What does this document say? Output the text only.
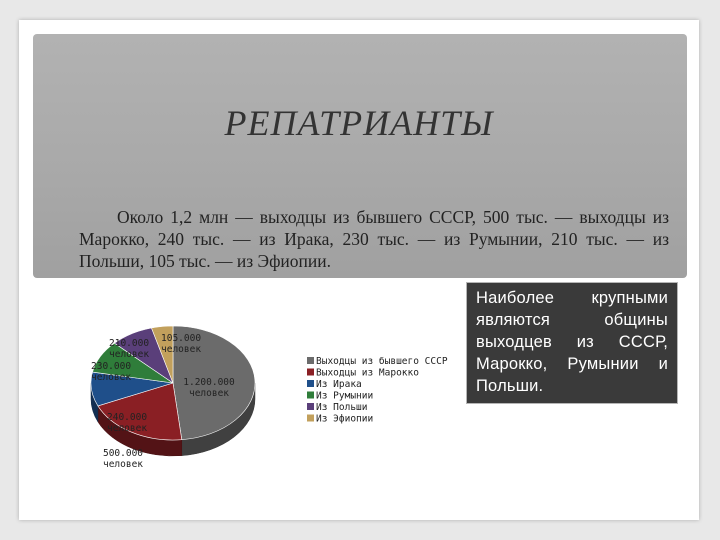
РЕПАТРИАНТЫ

Около 1,2 млн — выходцы из бывшего СССР, 500 тыс. — выходцы из Марокко, 240 тыс. — из Ирака, 230 тыс. — из Румынии, 210 тыс. — из Польши, 105 тыс. — из Эфиопии.

1.200.000 человек
500.000 человек
240.000 человек
230.000 человек
210.000 человек
105.000 человек
Выходцы из бывшего СССР
Выходцы из Марокко
Из Ирака
Из Румынии
Из Польши
Из Эфиопии

Наиболее крупными являются общины выходцев из СССР, Марокко, Румынии и Польши.
